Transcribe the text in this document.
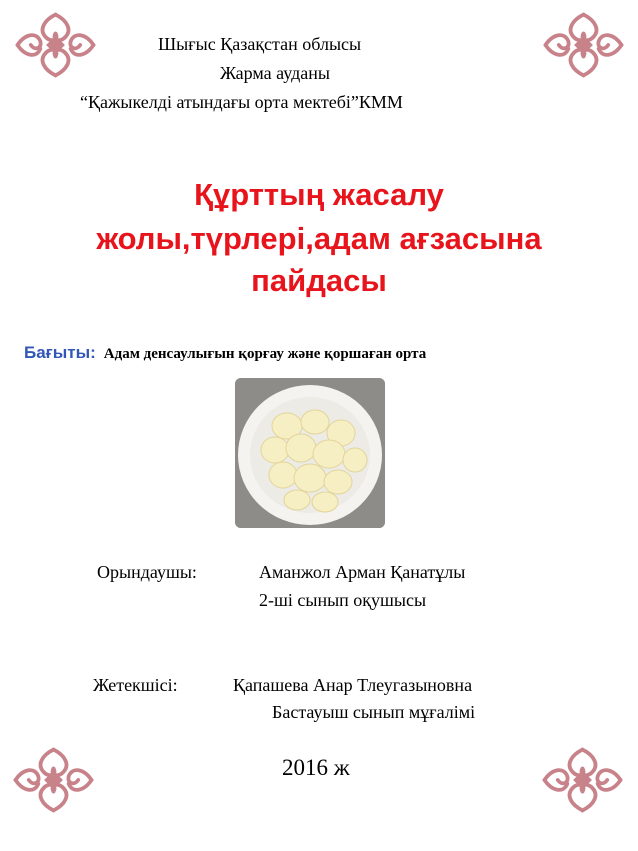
Шығыс Қазақстан облысы
Жарма ауданы
“Қажыкелді атындағы орта мектебі”КММ
Құрттың жасалу
жолы,түрлері,адам ағзасына
пайдасы
Бағыты: Адам денсаулығын қорғау және қоршаған орта
Орындаушы:	Аманжол Арман Қанатұлы
2-ші сынып оқушысы
Жетекшісі:	Қапашева Анар Тлеугазыновна
Бастауыш сынып мұғалімі
2016 ж
